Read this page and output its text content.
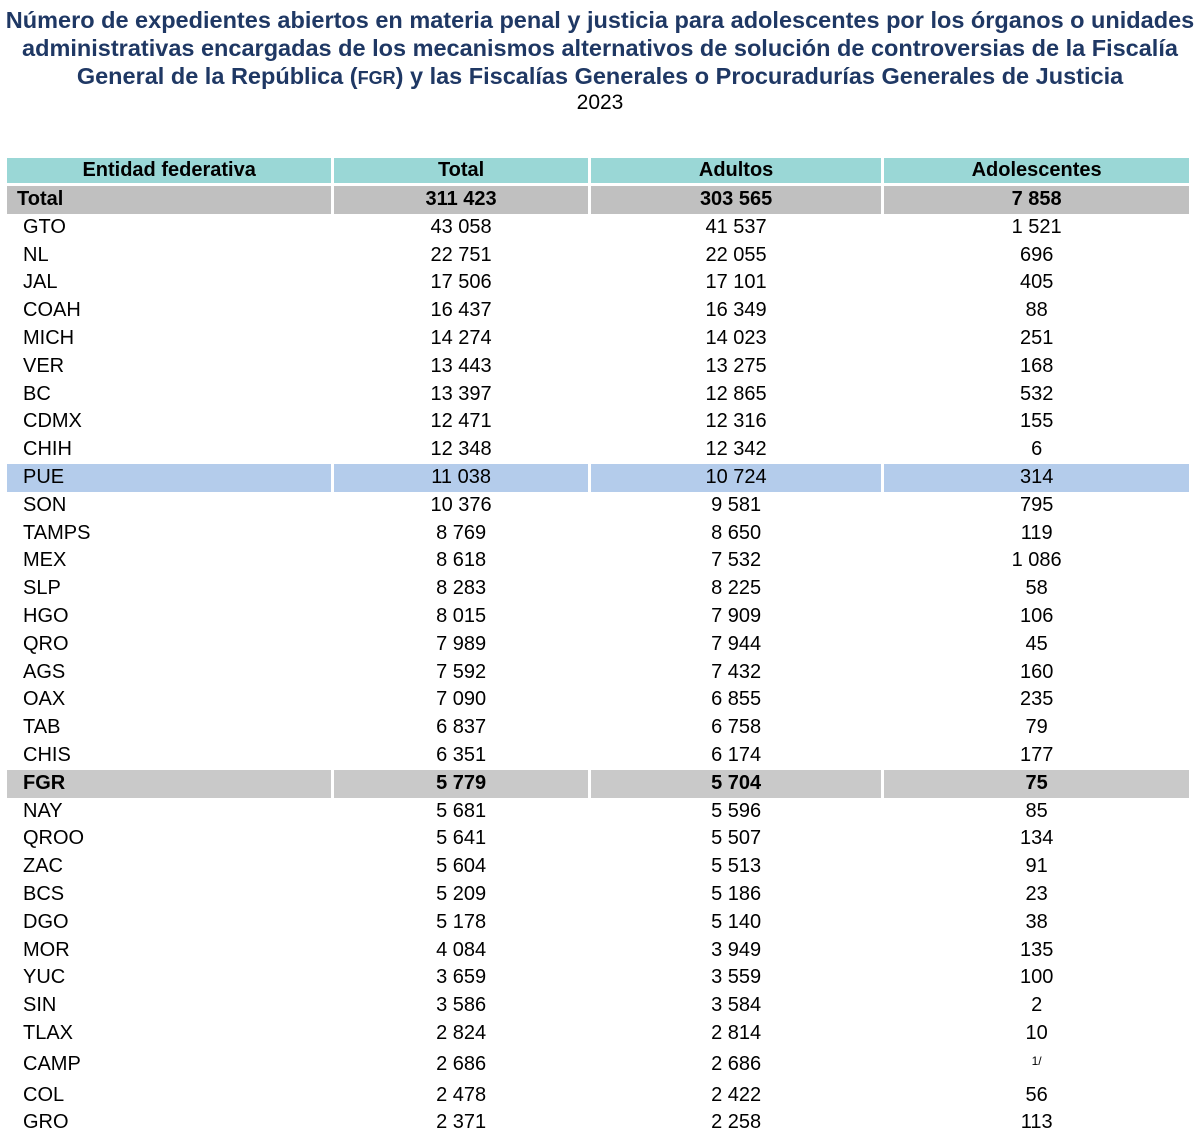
Número de expedientes abiertos en materia penal y justicia para adolescentes por los órganos o unidades administrativas encargadas de los mecanismos alternativos de solución de controversias de la Fiscalía General de la República (FGR) y las Fiscalías Generales o Procuradurías Generales de Justicia
2023
Entidad federativa	Total	Adultos	Adolescentes
Total	311 423	303 565	7 858
GTO	43 058	41 537	1 521
NL	22 751	22 055	696
JAL	17 506	17 101	405
COAH	16 437	16 349	88
MICH	14 274	14 023	251
VER	13 443	13 275	168
BC	13 397	12 865	532
CDMX	12 471	12 316	155
CHIH	12 348	12 342	6
PUE	11 038	10 724	314
SON	10 376	9 581	795
TAMPS	8 769	8 650	119
MEX	8 618	7 532	1 086
SLP	8 283	8 225	58
HGO	8 015	7 909	106
QRO	7 989	7 944	45
AGS	7 592	7 432	160
OAX	7 090	6 855	235
TAB	6 837	6 758	79
CHIS	6 351	6 174	177
FGR	5 779	5 704	75
NAY	5 681	5 596	85
QROO	5 641	5 507	134
ZAC	5 604	5 513	91
BCS	5 209	5 186	23
DGO	5 178	5 140	38
MOR	4 084	3 949	135
YUC	3 659	3 559	100
SIN	3 586	3 584	2
TLAX	2 824	2 814	10
CAMP	2 686	2 686	$^{1/}$
COL	2 478	2 422	56
GRO	2 371	2 258	113
